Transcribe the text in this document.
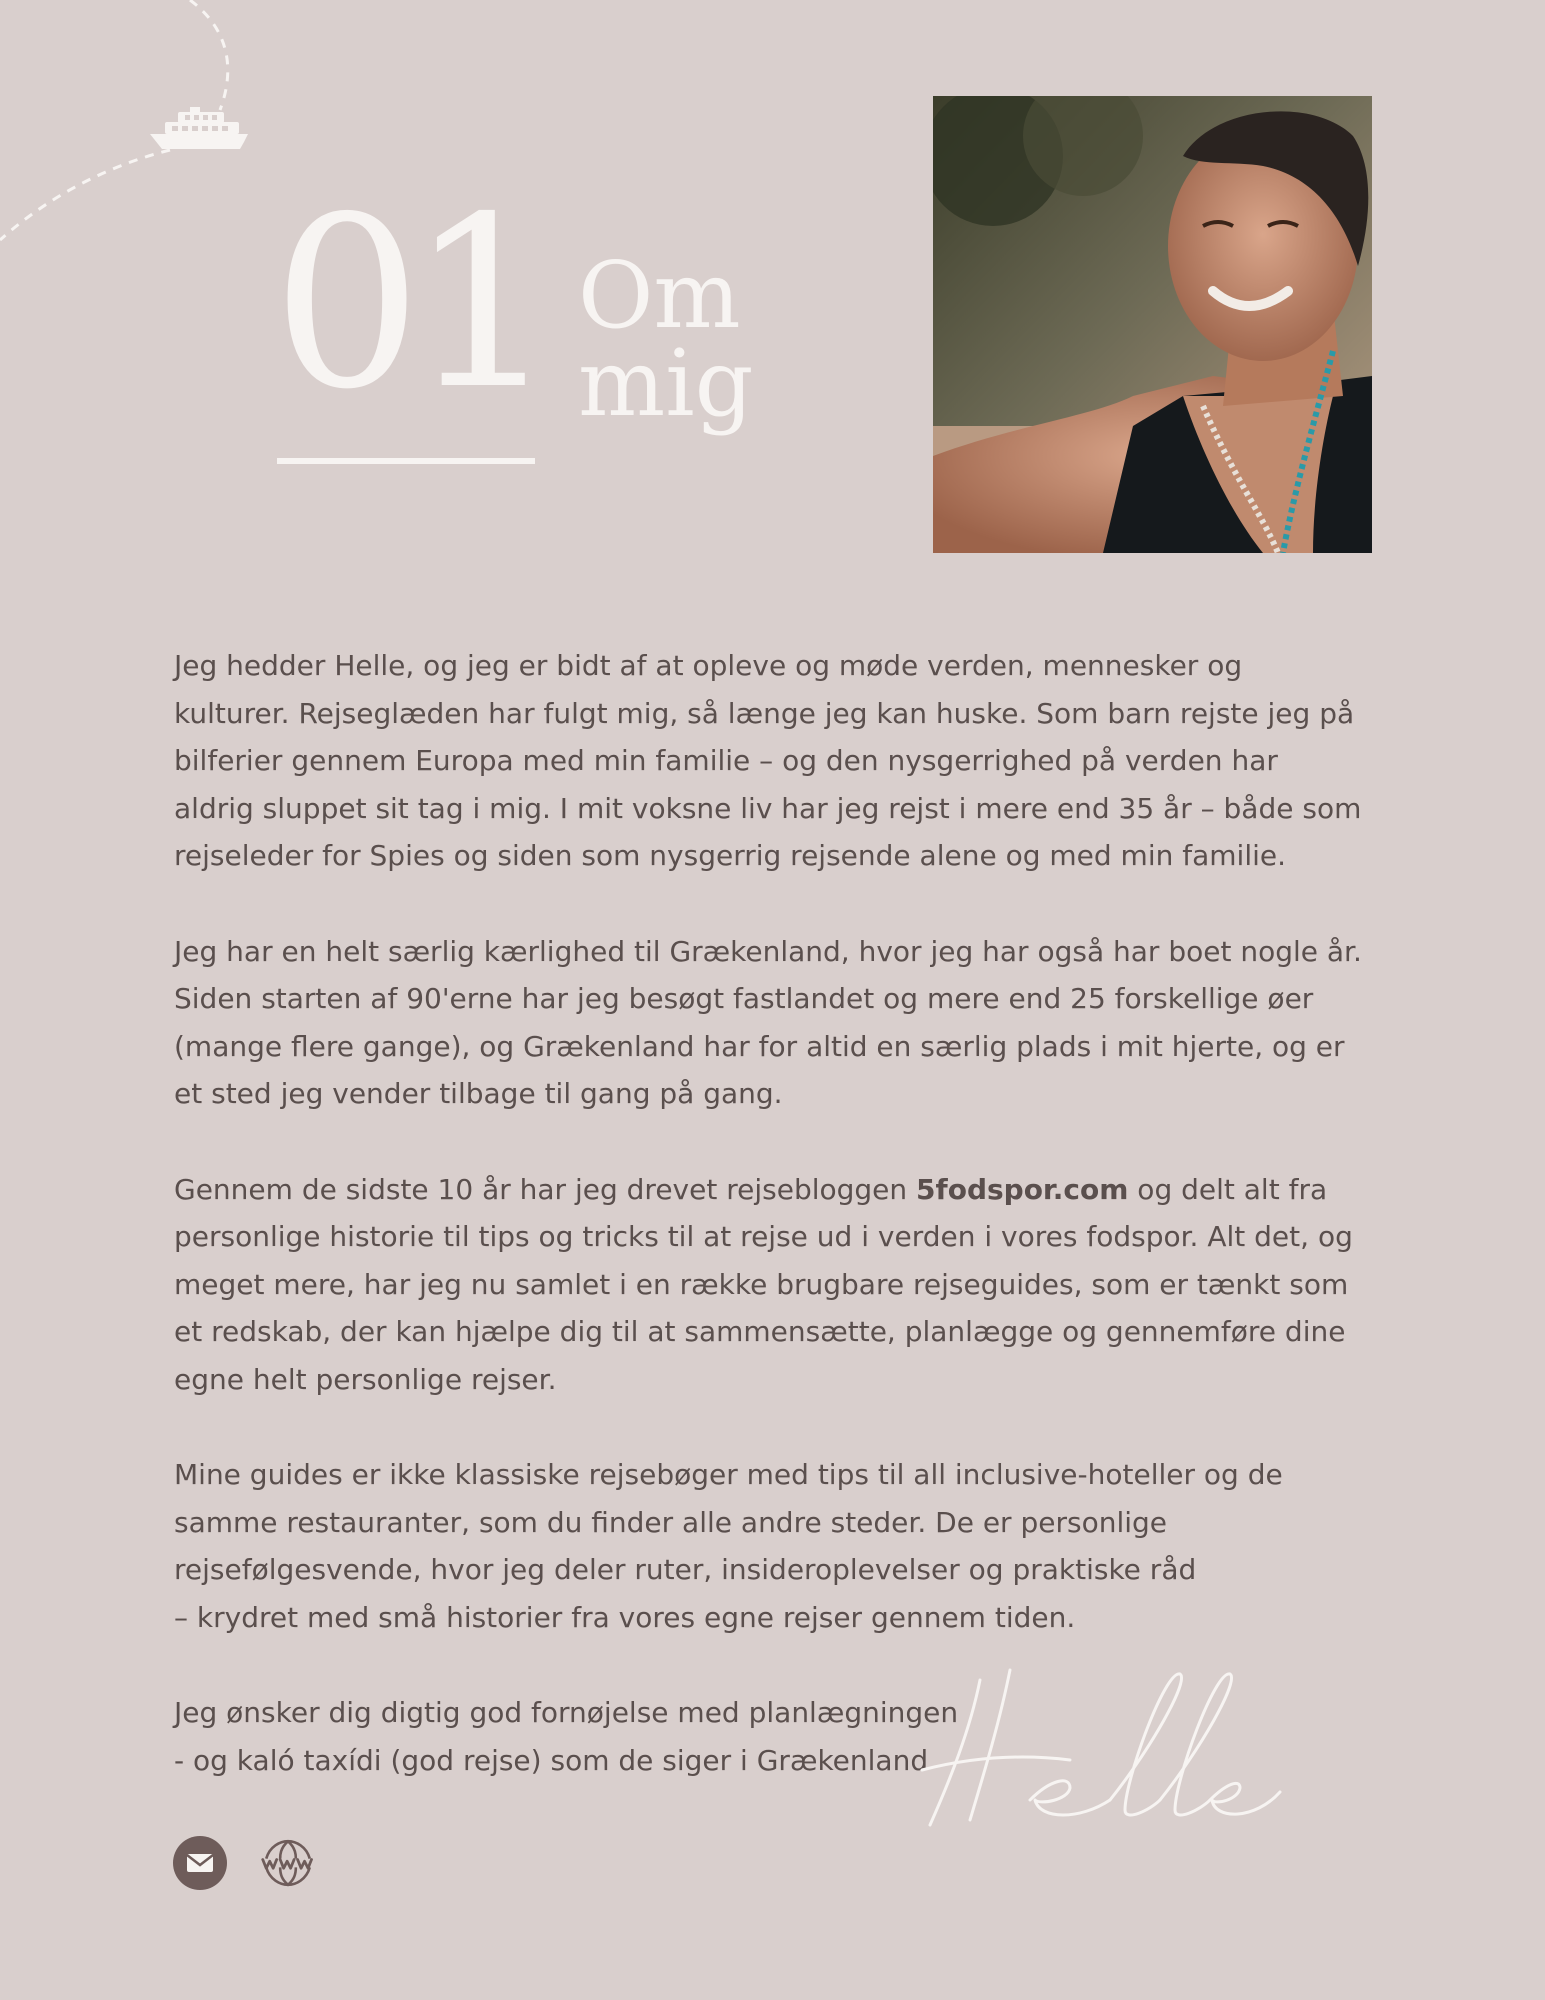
01 Om
mig

Jeg hedder Helle, og jeg er bidt af at opleve og møde verden, mennesker og
kulturer. Rejseglæden har fulgt mig, så længe jeg kan huske. Som barn rejste jeg på
bilferier gennem Europa med min familie – og den nysgerrighed på verden har
aldrig sluppet sit tag i mig. I mit voksne liv har jeg rejst i mere end 35 år – både som
rejseleder for Spies og siden som nysgerrig rejsende alene og med min familie.

Jeg har en helt særlig kærlighed til Grækenland, hvor jeg har også har boet nogle år.
Siden starten af 90'erne har jeg besøgt fastlandet og mere end 25 forskellige øer
(mange flere gange), og Grækenland har for altid en særlig plads i mit hjerte, og er
et sted jeg vender tilbage til gang på gang.

Gennem de sidste 10 år har jeg drevet rejsebloggen 5fodspor.com og delt alt fra
personlige historie til tips og tricks til at rejse ud i verden i vores fodspor. Alt det, og
meget mere, har jeg nu samlet i en række brugbare rejseguides, som er tænkt som
et redskab, der kan hjælpe dig til at sammensætte, planlægge og gennemføre dine
egne helt personlige rejser.

Mine guides er ikke klassiske rejsebøger med tips til all inclusive-hoteller og de
samme restauranter, som du finder alle andre steder. De er personlige
rejsefølgesvende, hvor jeg deler ruter, insideroplevelser og praktiske råd
– krydret med små historier fra vores egne rejser gennem tiden.

Jeg ønsker dig digtig god fornøjelse med planlægningen
- og kaló taxídi (god rejse) som de siger i Grækenland
